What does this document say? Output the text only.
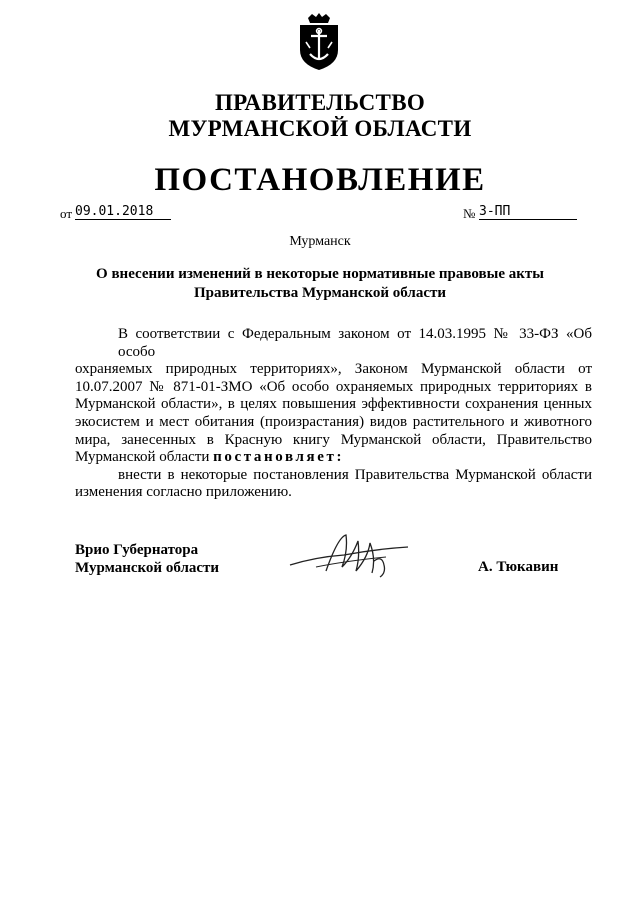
ПРАВИТЕЛЬСТВО
МУРМАНСКОЙ ОБЛАСТИ
ПОСТАНОВЛЕНИЕ
от 09.01.2018	№ 3-ПП
Мурманск
О внесении изменений в некоторые нормативные правовые акты
Правительства Мурманской области
В соответствии с Федеральным законом от 14.03.1995 № 33-ФЗ «Об особо
охраняемых природных территориях», Законом Мурманской области от
10.07.2007 № 871-01-ЗМО «Об особо охраняемых природных территориях в
Мурманской области», в целях повышения эффективности сохранения ценных
экосистем и мест обитания (произрастания) видов растительного и животного
мира, занесенных в Красную книгу Мурманской области, Правительство
Мурманской области постановляет:
внести в некоторые постановления Правительства Мурманской области
изменения согласно приложению.
Врио Губернатора
Мурманской области	А. Тюкавин
